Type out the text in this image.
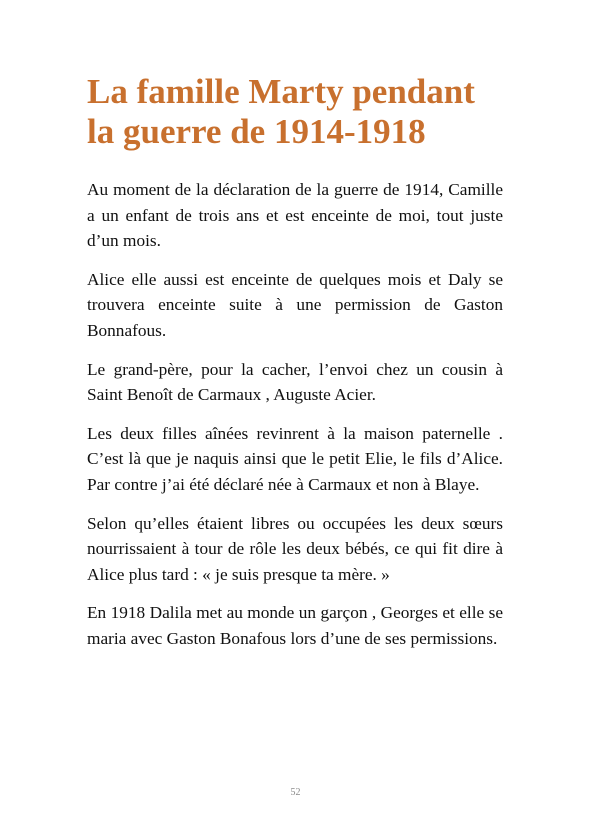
La famille Marty pendant
la guerre de 1914-1918

Au moment de la déclaration de la guerre de 1914, Camille a un enfant de trois ans et est enceinte de moi, tout juste d’un mois.

Alice elle aussi est enceinte de quelques mois et Daly se trouvera enceinte suite à une permission de Gaston Bonnafous.

Le grand-père, pour la cacher, l’envoi chez un cousin à Saint Benoît de Carmaux , Auguste Acier.

Les deux filles aînées revinrent à la maison paternelle . C’est là que je naquis ainsi que le petit Elie, le fils d’Alice. Par contre j’ai été déclaré née à Carmaux et non à Blaye.

Selon qu’elles étaient libres ou occupées les deux sœurs nourrissaient à tour de rôle les deux bébés, ce qui fit dire à Alice plus tard : « je suis presque ta mère. »

En 1918 Dalila met au monde un garçon , Georges et elle se maria avec Gaston Bonafous lors d’une de ses permissions.

52
